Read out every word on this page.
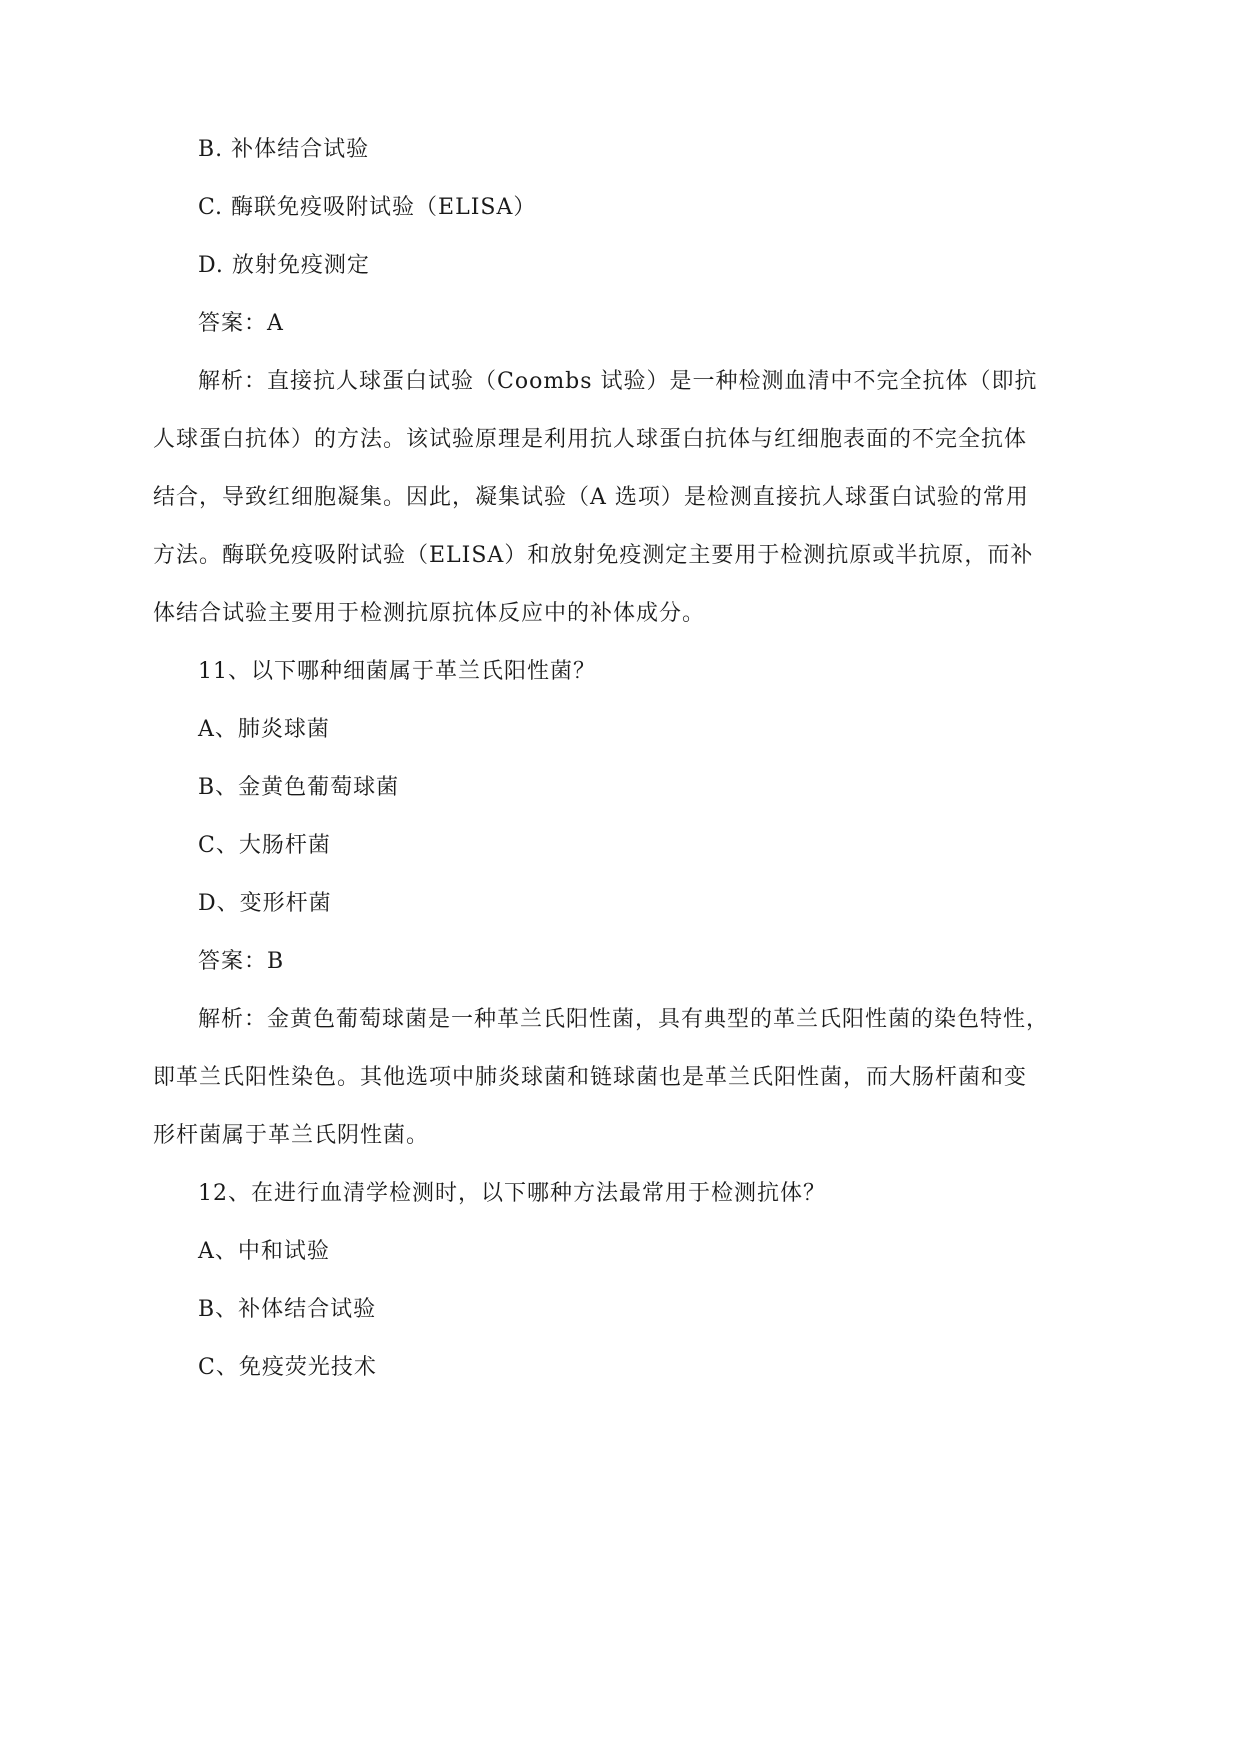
B. 补体结合试验
C. 酶联免疫吸附试验（ELISA）
D. 放射免疫测定
答案：A
解析：直接抗人球蛋白试验（Coombs 试验）是一种检测血清中不完全抗体（即抗
人球蛋白抗体）的方法。该试验原理是利用抗人球蛋白抗体与红细胞表面的不完全抗体
结合，导致红细胞凝集。因此，凝集试验（A 选项）是检测直接抗人球蛋白试验的常用
方法。酶联免疫吸附试验（ELISA）和放射免疫测定主要用于检测抗原或半抗原，而补
体结合试验主要用于检测抗原抗体反应中的补体成分。
11、以下哪种细菌属于革兰氏阳性菌？
A、肺炎球菌
B、金黄色葡萄球菌
C、大肠杆菌
D、变形杆菌
答案：B
解析：金黄色葡萄球菌是一种革兰氏阳性菌，具有典型的革兰氏阳性菌的染色特性，
即革兰氏阳性染色。其他选项中肺炎球菌和链球菌也是革兰氏阳性菌，而大肠杆菌和变
形杆菌属于革兰氏阴性菌。
12、在进行血清学检测时，以下哪种方法最常用于检测抗体？
A、中和试验
B、补体结合试验
C、免疫荧光技术
